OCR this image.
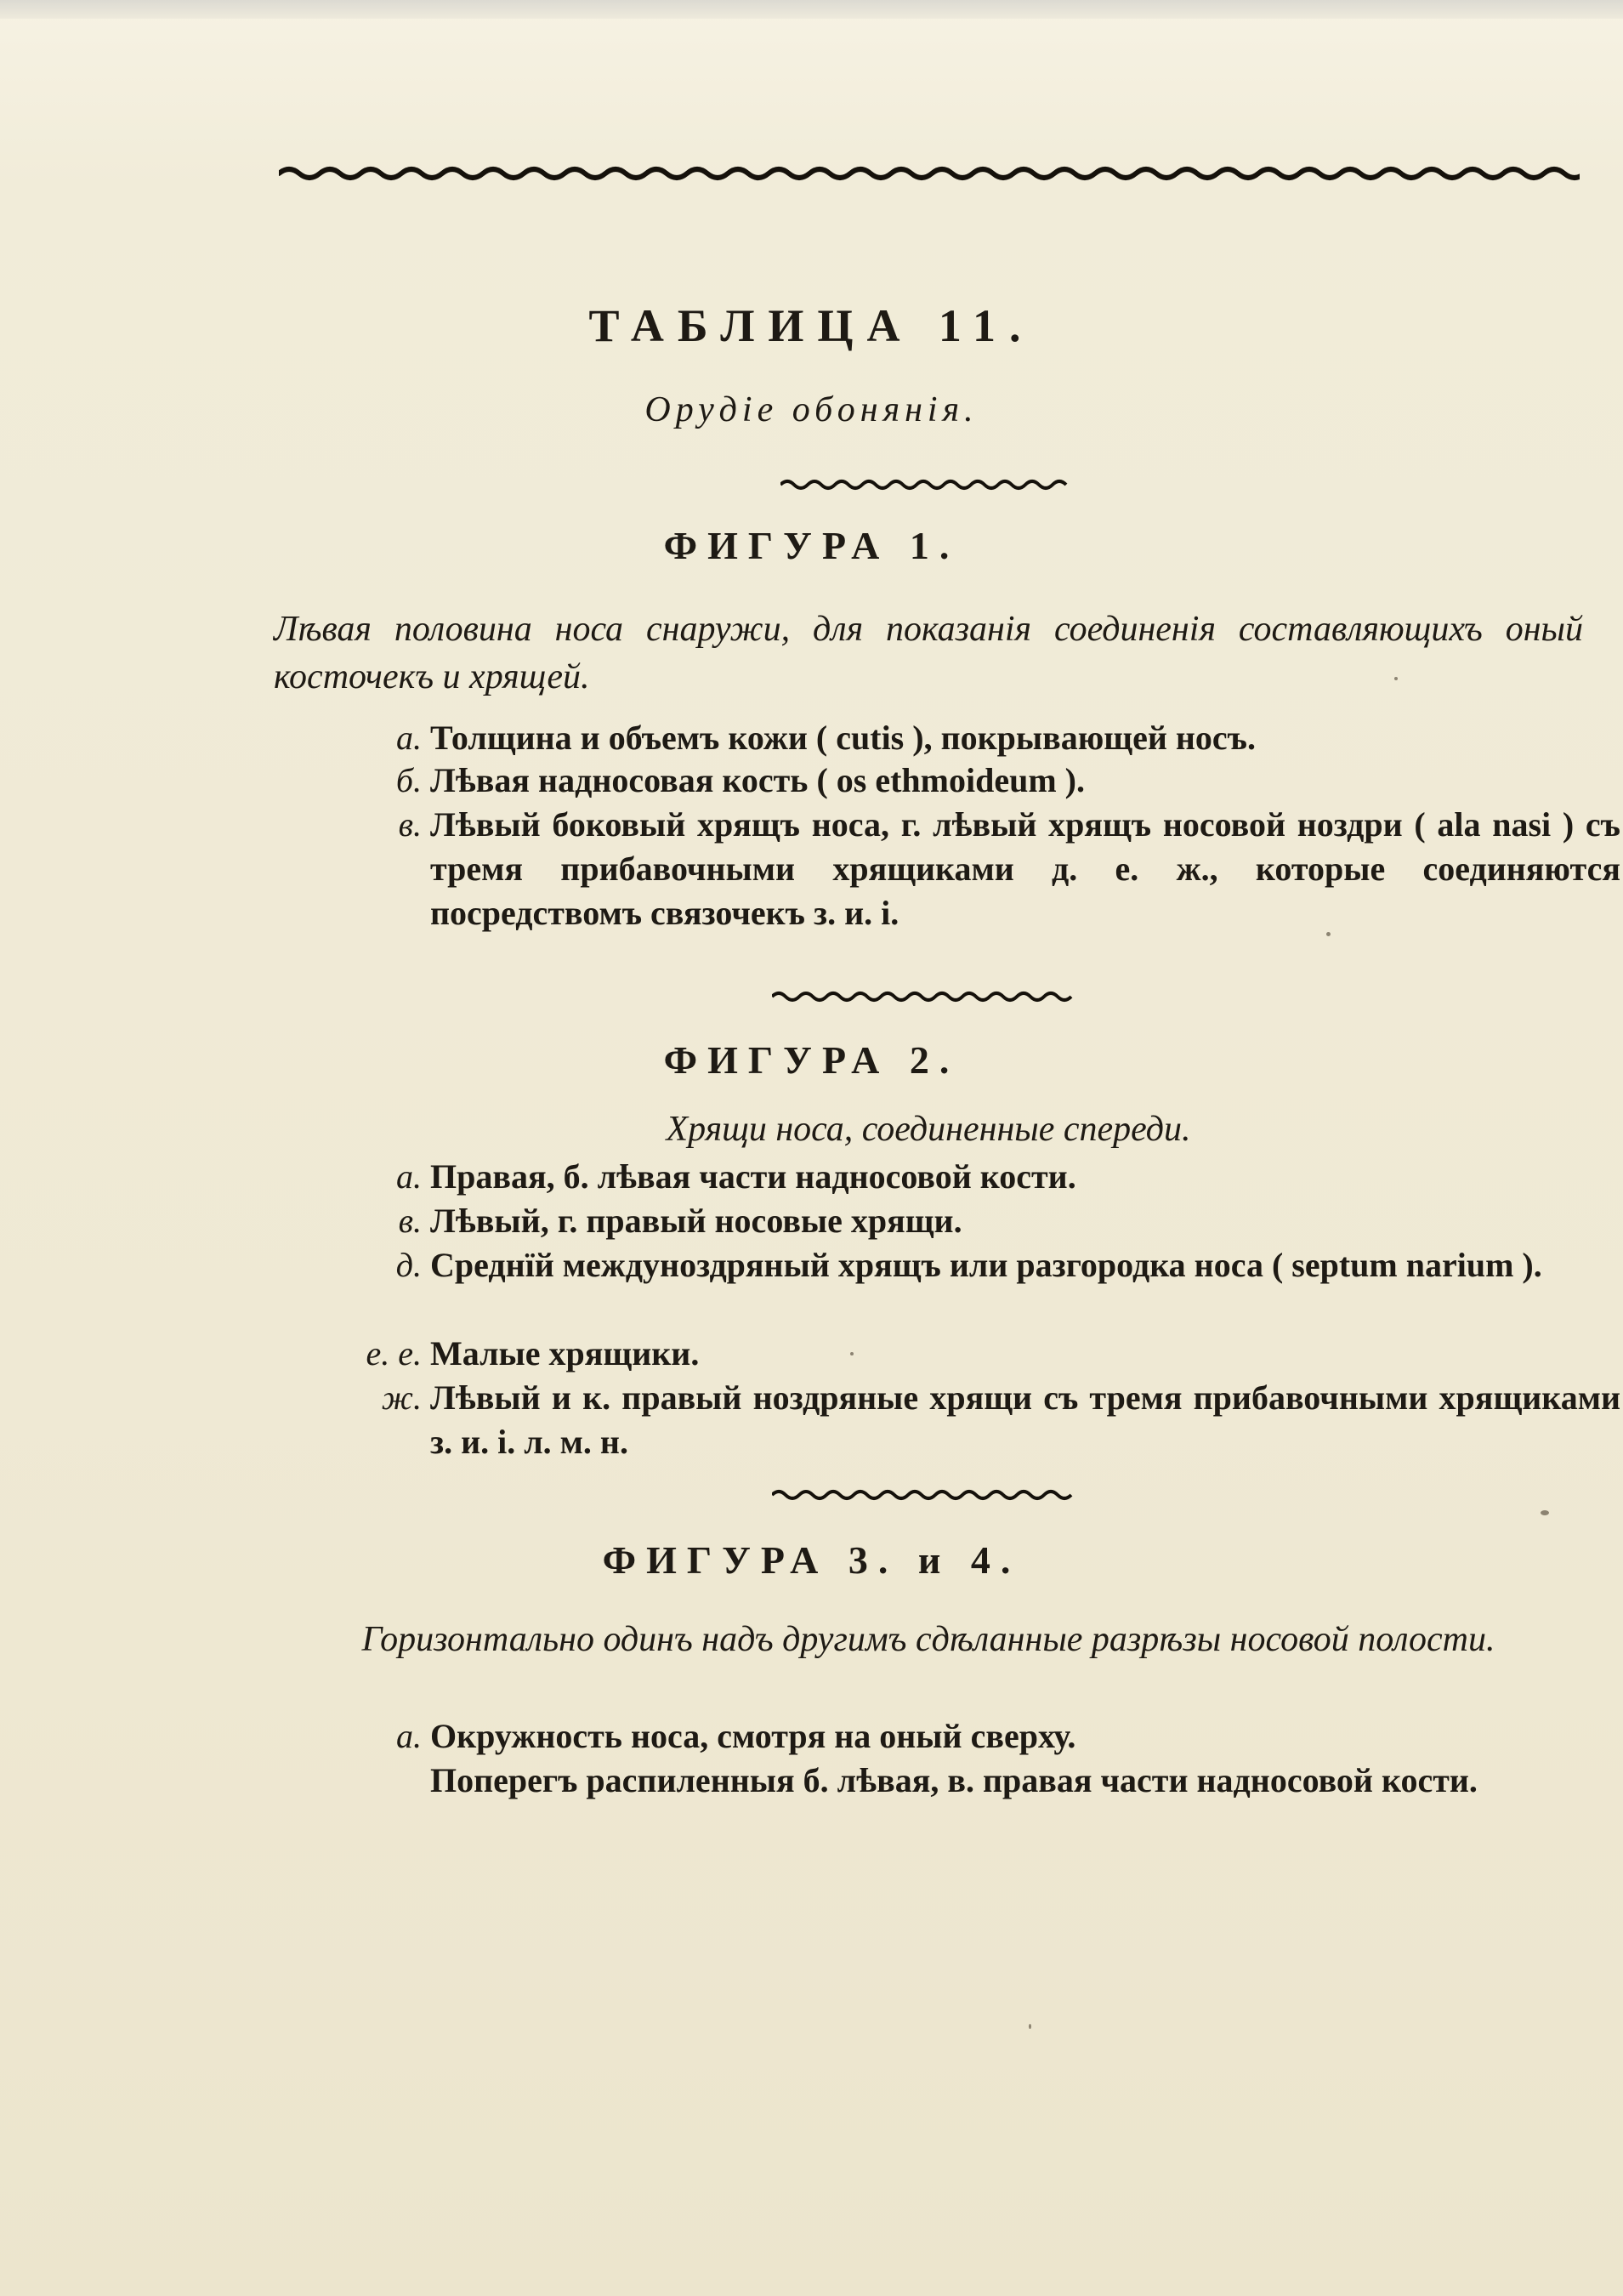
ТАБЛИЦА 11.
Орудіе обонянія.
ФИГУРА 1.
Лѣвая половина носа снаружи, для показанія соединенія составляющихъ оный косточекъ и хрящей.
a. Толщина и объемъ кожи ( cutis ), покрывающей носъ.
б. Лѣвая надносовая кость ( os ethmoideum ).
в. Лѣвый боковый хрящъ носа, г. лѣвый хрящъ носовой ноздри ( ala nasi ) съ тремя прибавочными хрящиками д. е. ж., которые соединяются посредствомъ связочекъ з. и. і.
ФИГУРА 2.
Хрящи носа, соединенные спереди.
a. Правая, б. лѣвая части надносовой кости.
в. Лѣвый, г. правый носовые хрящи.
д. Среднїй междуноздряный хрящъ или разгородка носа ( septum narium ).
е. е. Малые хрящики.
ж. Лѣвый и к. правый ноздряные хрящи съ тремя прибавочными хрящиками з. и. і. л. м. н.
ФИГУРА 3. и 4.
Горизонтально одинъ надъ другимъ сдѣланные разрѣзы носовой полости.
a. Окружность носа, смотря на оный сверху.
Поперегъ распиленныя б. лѣвая, в. правая части надносовой кости.
